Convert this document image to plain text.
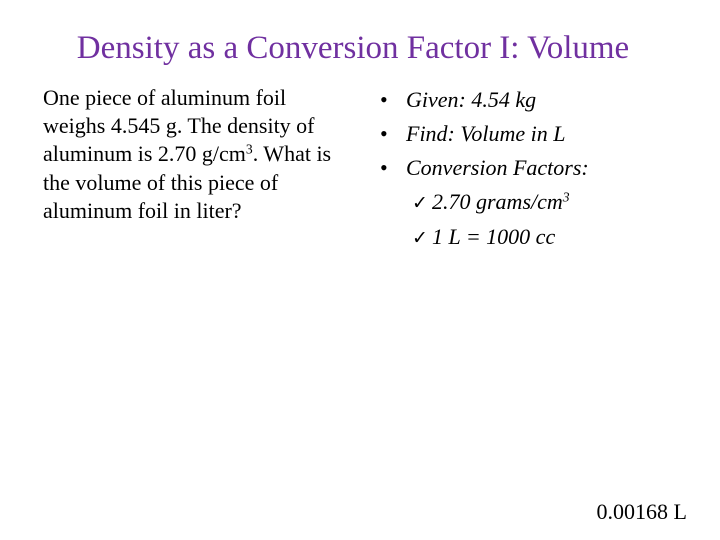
Density as a Conversion Factor I: Volume
One piece of aluminum foil weighs 4.545 g. The density of aluminum is 2.70 $g/cm^3$. What is the volume of this piece of aluminum foil in liter?
• Given: 4.54 kg
• Find: Volume in L
• Conversion Factors:
✓ 2.70 grams/$cm^3$
✓ 1 L = 1000 cc
0.00168 L
